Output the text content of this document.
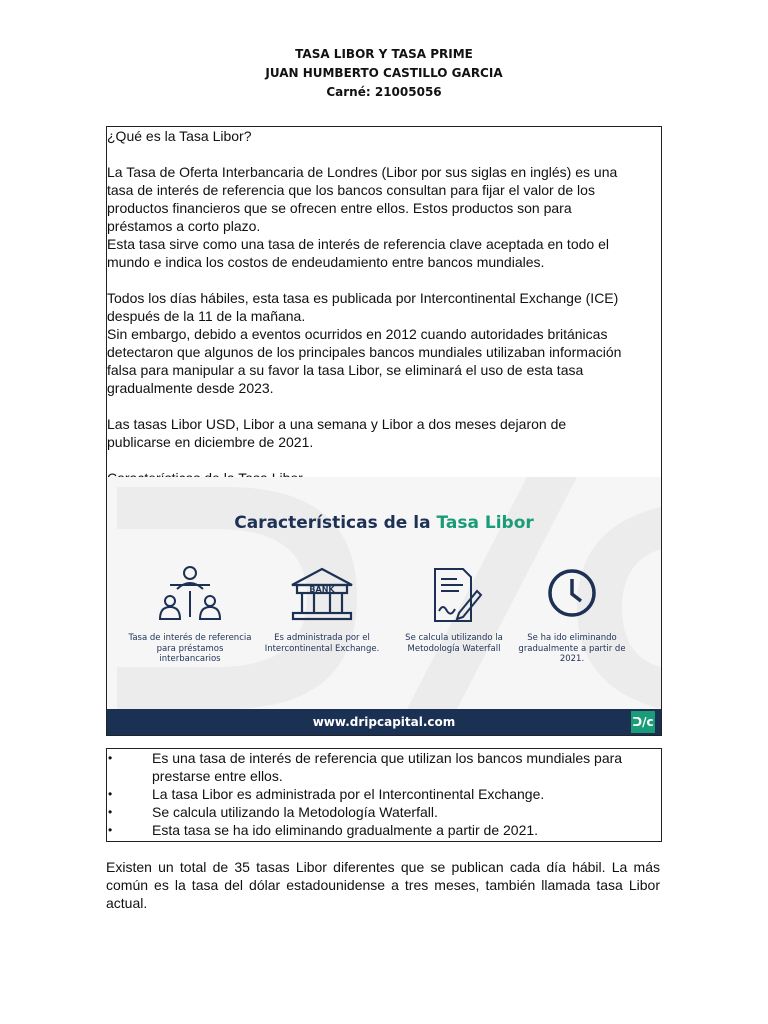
TASA LIBOR Y TASA PRIME
JUAN HUMBERTO CASTILLO GARCIA
Carné: 21005056

¿Qué es la Tasa Libor?

La Tasa de Oferta Interbancaria de Londres (Libor por sus siglas en inglés) es una

tasa de interés de referencia que los bancos consultan para fijar el valor de los

productos financieros que se ofrecen entre ellos. Estos productos son para

préstamos a corto plazo.

Esta tasa sirve como una tasa de interés de referencia clave aceptada en todo el

mundo e indica los costos de endeudamiento entre bancos mundiales.

Todos los días hábiles, esta tasa es publicada por Intercontinental Exchange (ICE)

después de la 11 de la mañana.

Sin embargo, debido a eventos ocurridos en 2012 cuando autoridades británicas

detectaron que algunos de los principales bancos mundiales utilizaban información

falsa para manipular a su favor la tasa Libor, se eliminará el uso de esta tasa

gradualmente desde 2023.

Las tasas Libor USD, Libor a una semana y Libor a dos meses dejaron de

publicarse en diciembre de 2021.

Características de la Tasa Libor
Tasa de interés de referencia para préstamos interbancarios
BANK
Es administrada por el Intercontinental Exchange.
Se calcula utilizando la Metodología Waterfall
Se ha ido eliminando gradualmente a partir de 2021.
www.dripcapital.com	ᑐ/c
•	Es una tasa de interés de referencia que utilizan los bancos mundiales para
prestarse entre ellos.
•	La tasa Libor es administrada por el Intercontinental Exchange.
•	Se calcula utilizando la Metodología Waterfall.
•	Esta tasa se ha ido eliminando gradualmente a partir de 2021.
Existen un total de 35 tasas Libor diferentes que se publican cada día hábil. La más común es la tasa del dólar estadounidense a tres meses, también llamada tasa Libor actual.
